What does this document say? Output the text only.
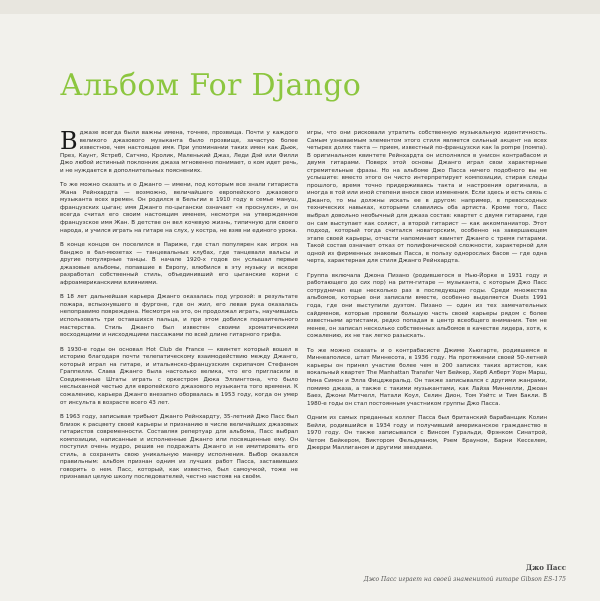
Альбом For Django

Вджазе всегда были важны имена, точнее, прозвища. Почти у каждого великого джазового музыканта было прозвище, зачастую более известное, чем настоящее имя. При упоминании таких имен как Дьюк, През, Каунт, Ястреб, Сатчмо, Кролик, Маленький Джаз, Леди Дэй или Филли Джо любой истинный поклонник джаза мгновенно понимает, о ком идет речь, и не нуждается в дополнительных пояснениях.

То же можно сказать и о Джанго — имени, под которым все знали гитариста Жана Рейнхардта — возможно, величайшего европейского джазового музыканта всех времен. Он родился в Бельгии в 1910 году в семье мануш, французских цыган; имя Джанго по-цыгански означает «я проснулся», и он всегда считал его своим настоящим именем, несмотря на утвержденное французское имя Жан. В детстве он вел кочевую жизнь, типичную для своего народа, и учился играть на гитаре на слух, у костра, не взяв ни единого урока.

В конце концов он поселился в Париже, где стал популярен как игрок на банджо в бал-мюзетах — танцевальных клубах, где танцевали вальсы и другие популярные танцы. В начале 1920-х годов он услышал первые джазовые альбомы, попавшие в Европу, влюбился в эту музыку и вскоре разработал собственный стиль, объединивший его цыганские корни с афроамериканскими влияниями.

В 18 лет дальнейшая карьера Джанго оказалась под угрозой: в результате пожара, вспыхнувшего в фургоне, где он жил, его левая рука оказалась непоправимо повреждена. Несмотря на это, он продолжал играть, научившись использовать три оставшихся пальца, и при этом добился поразительного мастерства. Стиль Джанго был известен своими хроматическими восходящими и нисходящими пассажами по всей длине гитарного грифа.

В 1930-е годы он основал Hot Club de France — квинтет который вошел в историю благодаря почти телепатическому взаимодействию между Джанго, который играл на гитаре, и итальянско-французским скрипачом Стефаном Граппелли. Слава Джанго была настолько велика, что его пригласили в Соединенные Штаты играть с оркестром Дюка Эллингтона, что было неслыханной честью для европейского джазового музыканта того времени. К сожалению, карьера Джанго внезапно оборвалась в 1953 году, когда он умер от инсульта в возрасте всего 43 лет.

В 1963 году, записывая трибьют Джанго Рейнхардту, 35-летний Джо Пасс был близок к расцвету своей карьеры и признанию в числе величайших джазовых гитаристов современности. Составляя репертуар для альбома, Пасс выбрал композиции, написанные и исполненные Джанго или посвященные ему. Он поступил очень мудро, решив не подражать Джанго и не имитировать его стиль, а сохранить свою уникальную манеру исполнения. Выбор оказался правильным: альбом признан одним из лучших работ Пасса, заставивших говорить о нем. Пасс, который, как известно, был самоучкой, тоже не признавал целую школу последователей, честно настояв на своём.

игры, что они рисковали утратить собственную музыкальную идентичность. Самым узнаваемым элементом этого стиля является сильный акцент на всех четырех долях такта — прием, известный по-французски как la pompe (помпа). В оригинальном квинтете Рейнхардта он исполнялся в унисон контрабасом и двумя гитарами. Поверх этой основы Джанго играл свои характерные стремительные фразы. Но на альбоме Джо Пасса ничего подобного вы не услышите: вместо этого он чисто интерпретирует композиции, стирая следы прошлого, время точно придерживаясь такта и настроения оригинала, а иногда в той или иной степени внося свои изменения. Если здесь и есть связь с Джанго, то мы должны искать ее в другом: например, в превосходных технических навыках, которыми славились оба артиста. Кроме того, Пасс выбрал довольно необычный для джаза состав: квартет с двумя гитарами, где он сам выступает как солист, а второй гитарист — как аккомпаниатор. Этот подход, который тогда считался новаторским, особенно на завершающем этапе своей карьеры, отчасти напоминает квинтет Джанго с тремя гитарами. Такой состав означает отказ от полифонической сложности, характерной для одной из фирменных знаковых Пасса, в пользу однорослых басов — где одна черта, характерная для стиля Джанго Рейнхардта.

Группа включала Джона Пизано (родившегося в Нью-Йорке в 1931 году и работающего до сих пор) на ритм-гитаре — музыканта, с которым Джо Пасс сотрудничал еще несколько раз в последующие годы. Среди множества альбомов, которые они записали вместе, особенно выделяется Duets 1991 года, где они выступили дуэтом. Пизано — один из тех замечательных сайдменов, которые провели большую часть своей карьеры рядом с более известными артистами, редко попадая в центр всеобщего внимания. Тем не менее, он записал несколько собственных альбомов в качестве лидера, хотя, к сожалению, их не так легко разыскать.

То же можно сказать и о контрабасисте Джиме Хьюгарте, родившемся в Миннеаполисе, штат Миннесота, в 1936 году. На протяжении своей 50-летней карьеры он принял участие более чем в 200 записях таких артистов, как вокальный квартет The Manhattan Transfer Чет Бейкер, Херб Алберт Уорн Марш, Нина Симон и Элла Фицджеральд. Он также записывался с другими жанрами, помимо джаза, а также с такими музыкантами, как Лайза Миннелли, Джоан Баез, Джони Митчелл, Натали Коул, Селин Дион, Том Уэйтс и Тим Бакли. В 1980-е годы он стал постоянным участником группы Джо Пасса.

Одним из самых преданных коллег Пасса был британский барабанщик Колин Бейли, родившийся в 1934 году и получивший американское гражданство в 1970 году. Он также записывался с Винсом Гуральди, Фрэнком Синатрой, Четом Бейкером, Виктором Фельдманом, Рэем Брауном, Барни Кесселем, Джерри Маллиганом и другими звездами.

Джо Пасс
Джо Пасс играет на своей знаменитой гитаре Gibson ES-175
